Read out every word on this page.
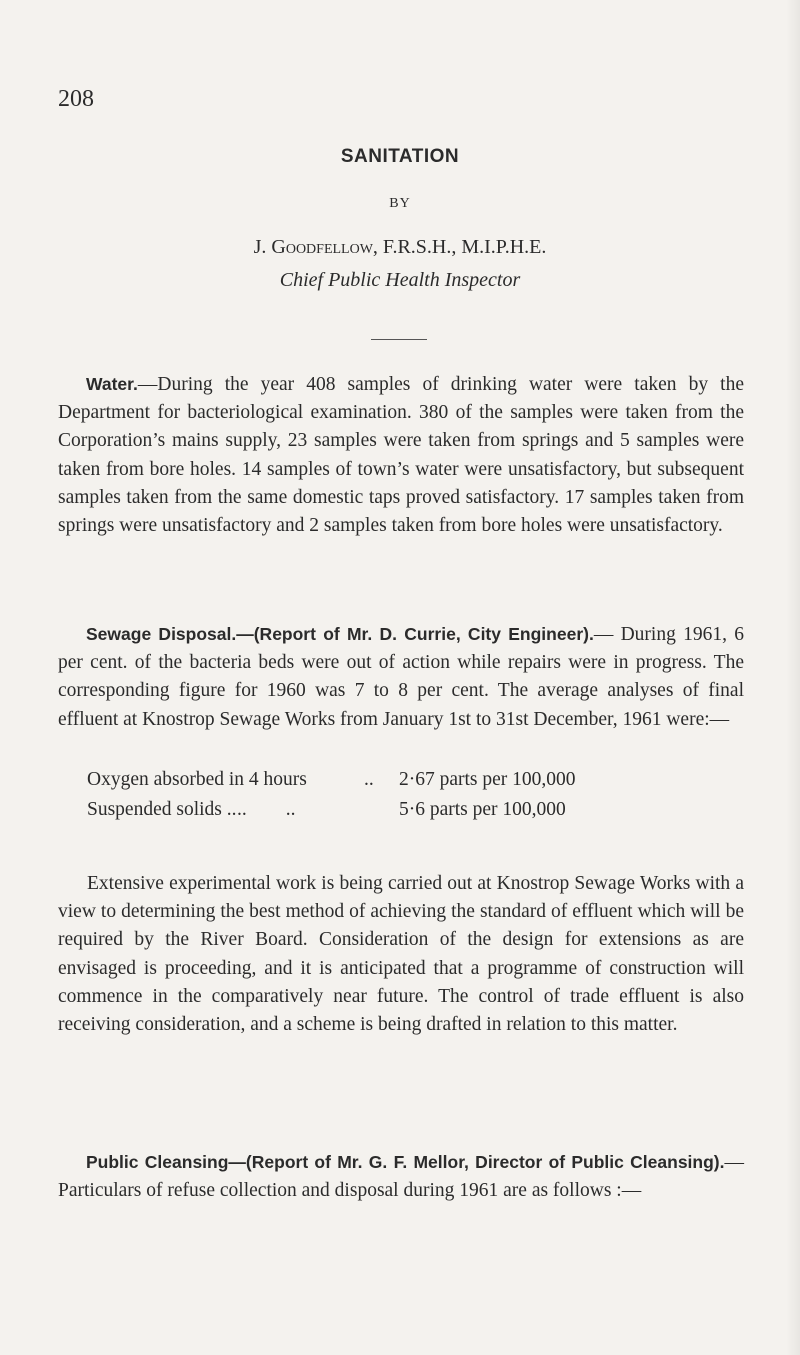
208
SANITATION
BY
J. Goodfellow, F.R.S.H., M.I.P.H.E.
Chief Public Health Inspector

Water.—During the year 408 samples of drinking water were taken by the Department for bacteriological examination. 380 of the samples were taken from the Corporation’s mains supply, 23 samples were taken from springs and 5 samples were taken from bore holes. 14 samples of town’s water were unsatisfactory, but subsequent samples taken from the same domestic taps proved satisfactory. 17 samples taken from springs were unsatisfactory and 2 samples taken from bore holes were unsatisfactory.

Sewage Disposal.—(Report of Mr. D. Currie, City Engineer).— During 1961, 6 per cent. of the bacteria beds were out of action while repairs were in progress. The corresponding figure for 1960 was 7 to 8 per cent. The average analyses of final effluent at Knostrop Sewage Works from January 1st to 31st December, 1961 were:—

Oxygen absorbed in 4 hours	.. 2·67 parts per 100,000
Suspended solids .. ..        ..	5·6 parts per 100,000

Extensive experimental work is being carried out at Knostrop Sewage Works with a view to determining the best method of achieving the standard of effluent which will be required by the River Board. Consideration of the design for extensions as are envisaged is proceeding, and it is anticipated that a programme of construction will commence in the comparatively near future. The control of trade effluent is also receiving consideration, and a scheme is being drafted in relation to this matter.

Public Cleansing—(Report of Mr. G. F. Mellor, Director of Public Cleansing).—Particulars of refuse collection and disposal during 1961 are as follows :—
